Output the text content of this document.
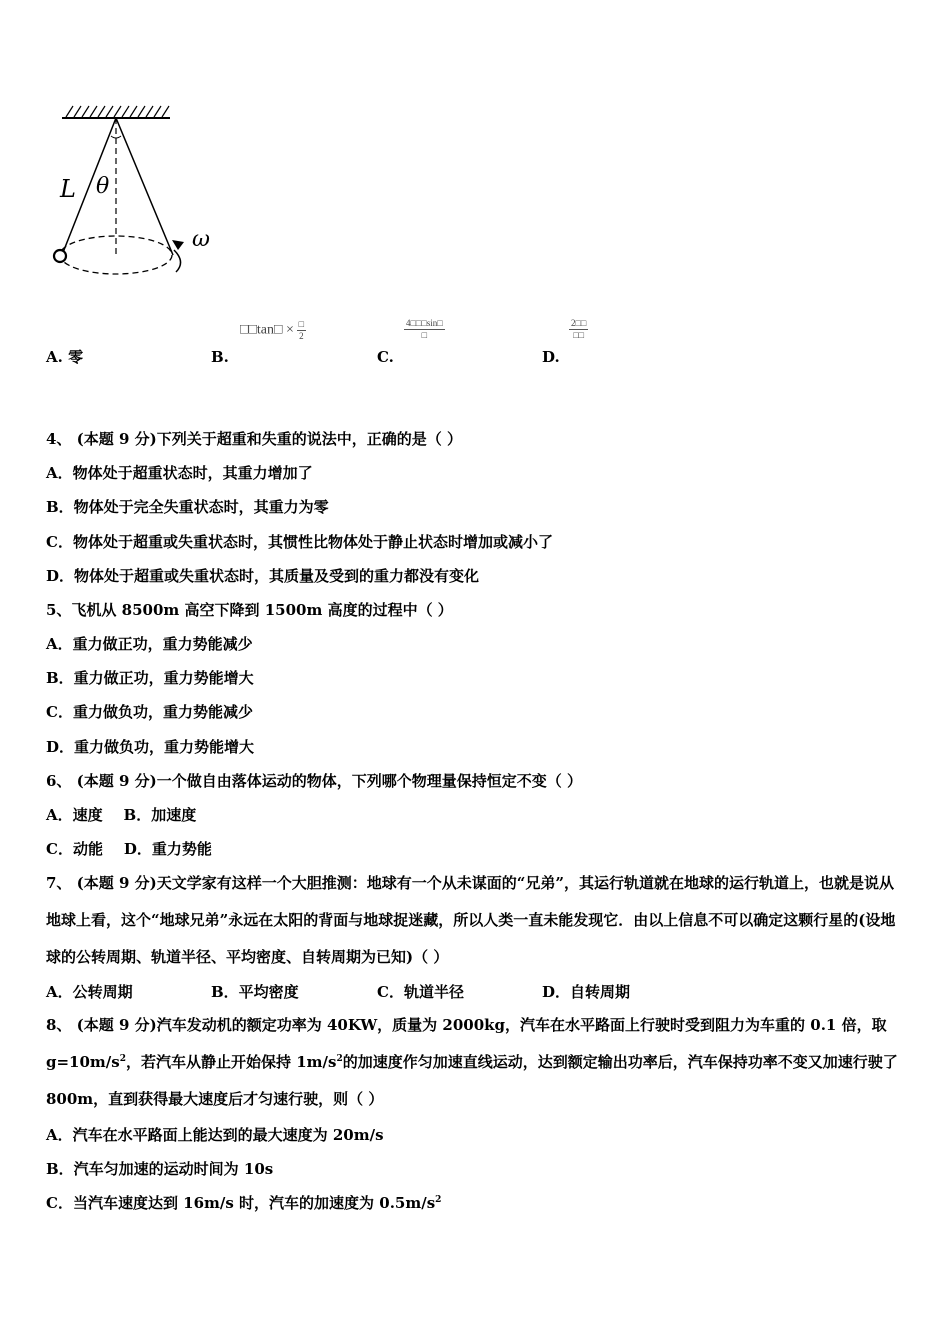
L θ
ω
□□tan□ × $\frac{□}{2}$	$\frac{4□□□\sin□}{□}$	$\frac{2□□}{□□}$
A. 零	B.	C.	D.
4、 (本题 9 分)下列关于超重和失重的说法中，正确的是（ ）
A．物体处于超重状态时，其重力增加了
B．物体处于完全失重状态时，其重力为零
C．物体处于超重或失重状态时，其惯性比物体处于静止状态时增加或减小了
D．物体处于超重或失重状态时，其质量及受到的重力都没有变化
5、飞机从 8500m 高空下降到 1500m 高度的过程中（ ）
A．重力做正功，重力势能减少
B．重力做正功，重力势能增大
C．重力做负功，重力势能减少
D．重力做负功，重力势能增大
6、 (本题 9 分)一个做自由落体运动的物体，下列哪个物理量保持恒定不变（ ）
A．速度    B．加速度
C．动能    D．重力势能
7、 (本题 9 分)天文学家有这样一个大胆推测：地球有一个从未谋面的“兄弟”，其运行轨道就在地球的运行轨道上，也就是说从地球上看，这个“地球兄弟”永远在太阳的背面与地球捉迷藏，所以人类一直未能发现它．由以上信息不可以确定这颗行星的(设地球的公转周期、轨道半径、平均密度、自转周期为已知)（ ）
A．公转周期	B．平均密度	C．轨道半径	D．自转周期
8、 (本题 9 分)汽车发动机的额定功率为 40KW，质量为 2000kg，汽车在水平路面上行驶时受到阻力为车重的 0.1 倍，取 $g=10m/s^2$，若汽车从静止开始保持 $1m/s^2$的加速度作匀加速直线运动，达到额定输出功率后，汽车保持功率不变又加速行驶了 800m，直到获得最大速度后才匀速行驶，则（ ）
A．汽车在水平路面上能达到的最大速度为 20m/s
B．汽车匀加速的运动时间为 10s
C．当汽车速度达到 16m/s 时，汽车的加速度为 $0.5m/s^2$
